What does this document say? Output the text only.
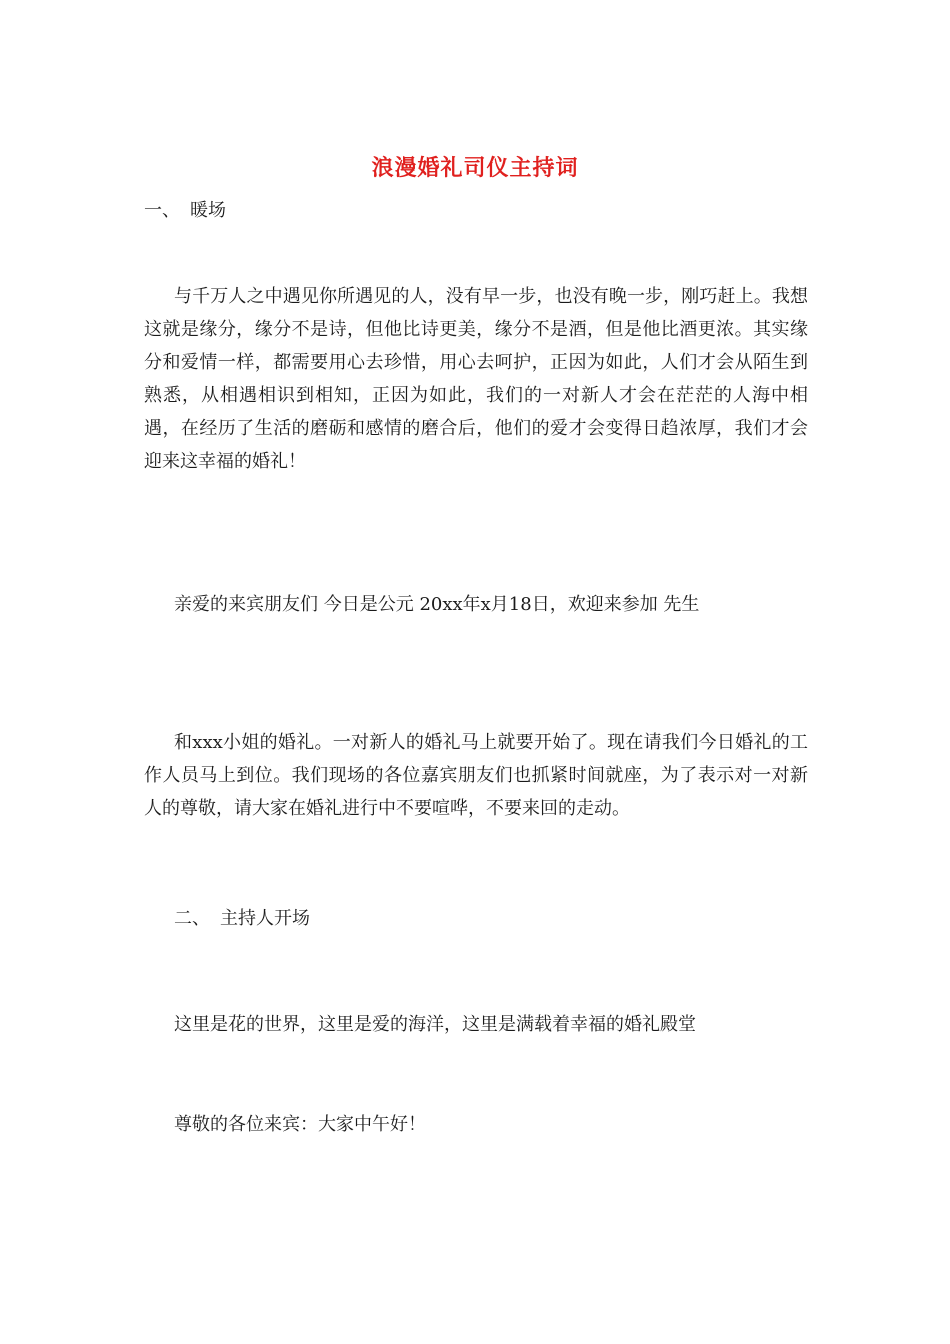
浪漫婚礼司仪主持词
一、 暖场

与千万人之中遇见你所遇见的人，没有早一步，也没有晚一步，刚巧赶上。我想这就是缘分，缘分不是诗，但他比诗更美，缘分不是酒，但是他比酒更浓。其实缘分和爱情一样，都需要用心去珍惜，用心去呵护，正因为如此，人们才会从陌生到熟悉，从相遇相识到相知，正因为如此，我们的一对新人才会在茫茫的人海中相遇，在经历了生活的磨砺和感情的磨合后，他们的爱才会变得日趋浓厚，我们才会迎来这幸福的婚礼！

亲爱的来宾朋友们 今日是公元 20xx年x月18日，欢迎来参加 先生

和xxx小姐的婚礼。一对新人的婚礼马上就要开始了。现在请我们今日婚礼的工作人员马上到位。我们现场的各位嘉宾朋友们也抓紧时间就座，为了表示对一对新人的尊敬，请大家在婚礼进行中不要喧哗，不要来回的走动。

二、 主持人开场
这里是花的世界，这里是爱的海洋，这里是满载着幸福的婚礼殿堂
尊敬的各位来宾：大家中午好！
